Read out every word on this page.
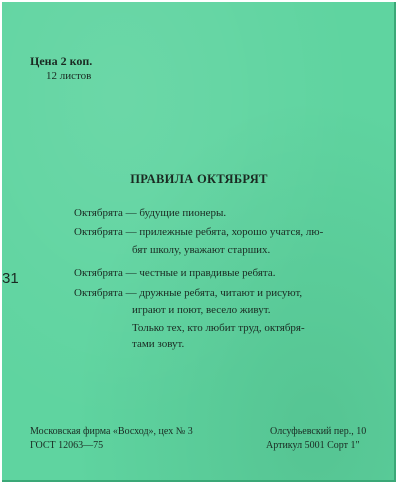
Цена 2 коп.
12 листов
31
ПРАВИЛА ОКТЯБРЯТ
Октябрята — будущие пионеры.
Октябрята — прилежные ребята, хорошо учатся, лю-
бят школу, уважают старших.
Октябрята — честные и правдивые ребята.
Октябрята — дружные ребята, читают и рисуют,
играют и поют, весело живут.
Только тех, кто любит труд, октября-
тами зовут.
Московская фирма «Восход», цех № 3
ГОСТ 12063—75
Олсуфьевский пер., 10
Артикул 5001 Сорт 1"
